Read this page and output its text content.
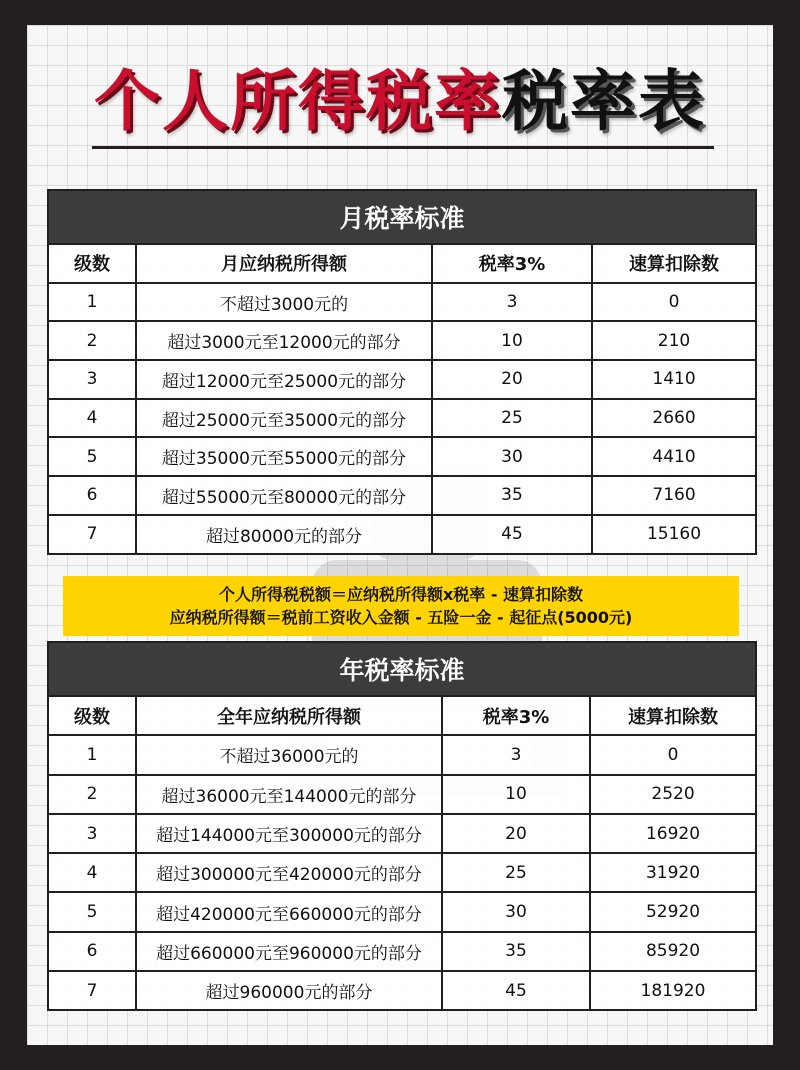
个人所得税率税率表
月税率标准			
级数	月应纳税所得额	税率3%	速算扣除数
1	不超过3000元的	3	0
2	超过3000元至12000元的部分	10	210
3	超过12000元至25000元的部分	20	1410
4	超过25000元至35000元的部分	25	2660
5	超过35000元至55000元的部分	30	4410
6	超过55000元至80000元的部分	35	7160
7	超过80000元的部分	45	15160
个人所得税税额＝应纳税所得额x税率 - 速算扣除数
应纳税所得额＝税前工资收入金额 - 五险一金 - 起征点(5000元)
年税率标准			
级数	全年应纳税所得额	税率3%	速算扣除数
1	不超过36000元的	3	0
2	超过36000元至144000元的部分	10	2520
3	超过144000元至300000元的部分	20	16920
4	超过300000元至420000元的部分	25	31920
5	超过420000元至660000元的部分	30	52920
6	超过660000元至960000元的部分	35	85920
7	超过960000元的部分	45	181920
